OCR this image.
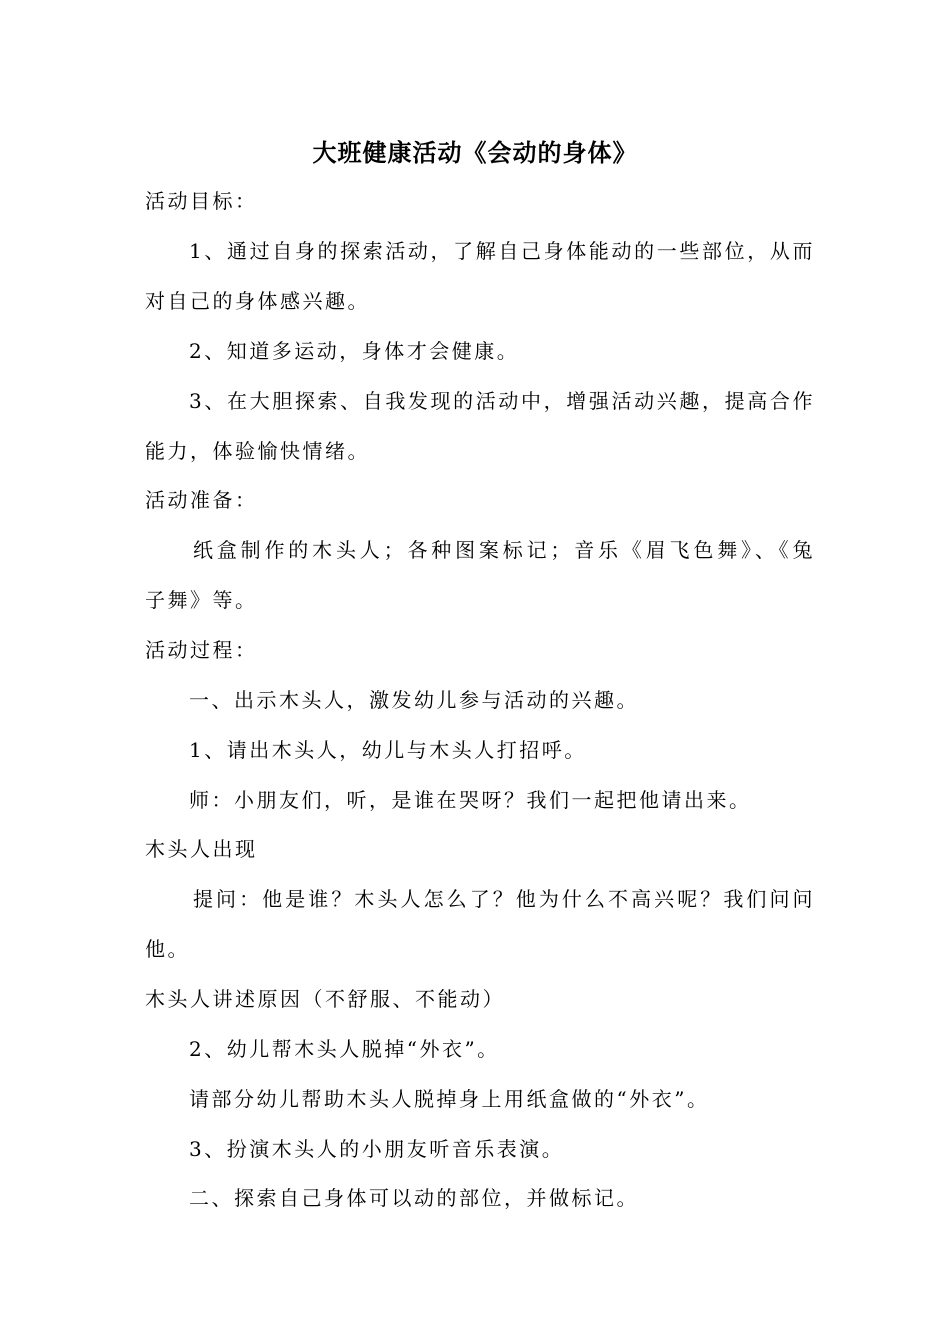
大班健康活动《会动的身体》
活动目标：
1、通过自身的探索活动，了解自己身体能动的一些部位，从而
对自己的身体感兴趣。
2、知道多运动，身体才会健康。
3、在大胆探索、自我发现的活动中，增强活动兴趣，提高合作
能力，体验愉快情绪。
活动准备：
纸盒制作的木头人；各种图案标记；音乐《眉飞色舞》、《兔
子舞》等。
活动过程：
一、出示木头人，激发幼儿参与活动的兴趣。
1、请出木头人，幼儿与木头人打招呼。
师：小朋友们，听，是谁在哭呀？我们一起把他请出来。
木头人出现
提问：他是谁？木头人怎么了？他为什么不高兴呢？我们问问
他。
木头人讲述原因（不舒服、不能动）
2、幼儿帮木头人脱掉“外衣”。
请部分幼儿帮助木头人脱掉身上用纸盒做的“外衣”。
3、扮演木头人的小朋友听音乐表演。
二、探索自己身体可以动的部位，并做标记。
